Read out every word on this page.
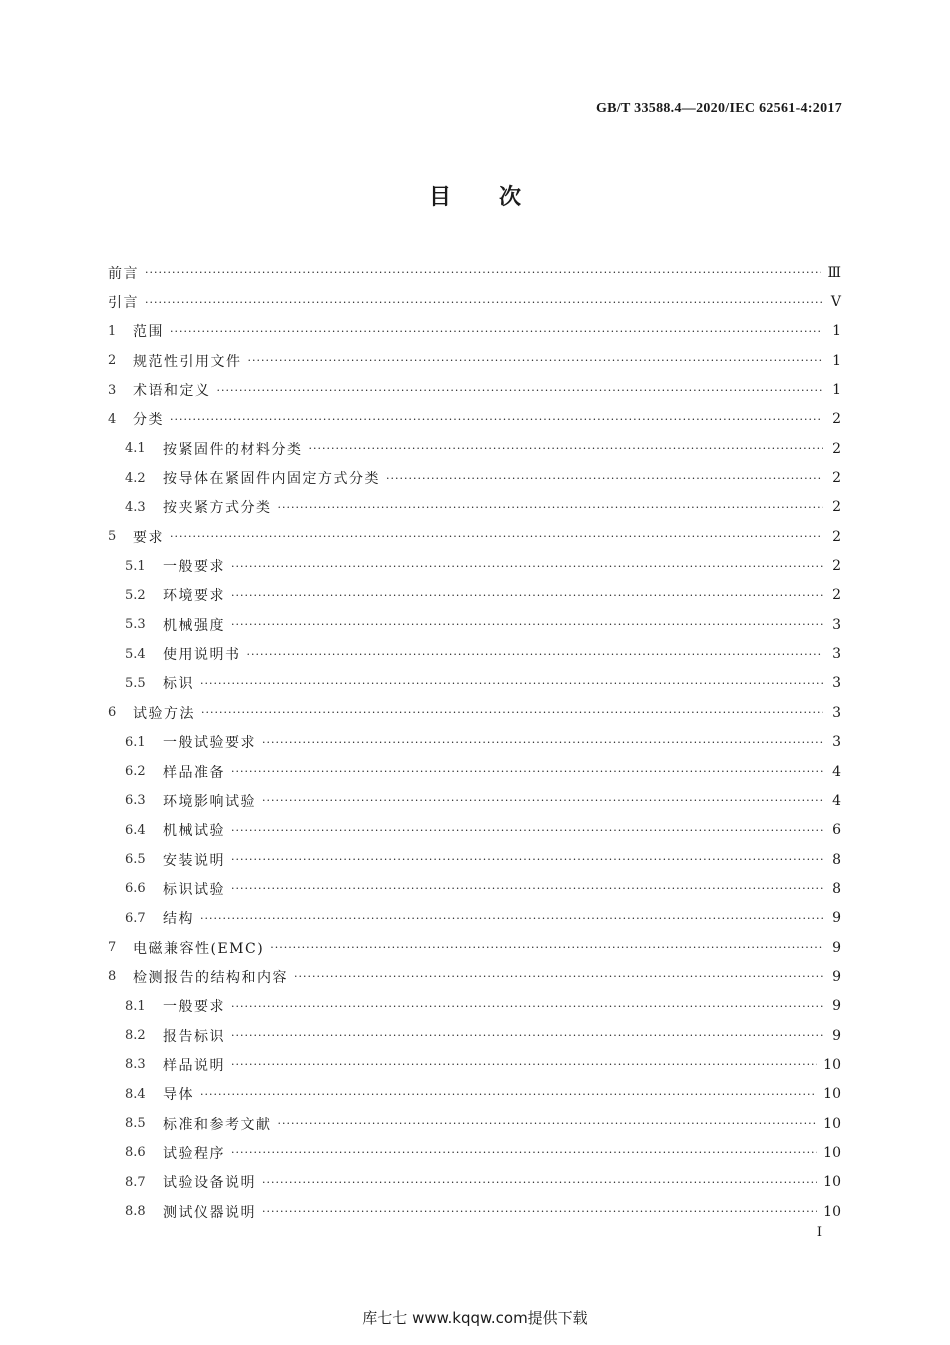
GB/T 33588.4—2020/IEC 62561-4:2017
目次
前言 ·····	Ⅲ
引言 ·····	Ⅴ
1	范围 ·····	1
2	规范性引用文件 ·····	1
3	术语和定义 ·····	1
4	分类 ·····	2
4.1	按紧固件的材料分类 ·····	2
4.2	按导体在紧固件内固定方式分类 ·····	2
4.3	按夹紧方式分类 ·····	2
5	要求 ·····	2
5.1	一般要求 ·····	2
5.2	环境要求 ·····	2
5.3	机械强度 ·····	3
5.4	使用说明书 ·····	3
5.5	标识 ·····	3
6	试验方法 ·····	3
6.1	一般试验要求 ·····	3
6.2	样品准备 ·····	4
6.3	环境影响试验 ·····	4
6.4	机械试验 ·····	6
6.5	安装说明 ·····	8
6.6	标识试验 ·····	8
6.7	结构 ·····	9
7	电磁兼容性(EMC) ·····	9
8	检测报告的结构和内容 ·····	9
8.1	一般要求 ·····	9
8.2	报告标识 ·····	9
8.3	样品说明 ·····	10
8.4	导体 ·····	10
8.5	标准和参考文献 ·····	10
8.6	试验程序 ·····	10
8.7	试验设备说明 ·····	10
8.8	测试仪器说明 ·····	10
I
库七七 www.kqqw.com提供下载
